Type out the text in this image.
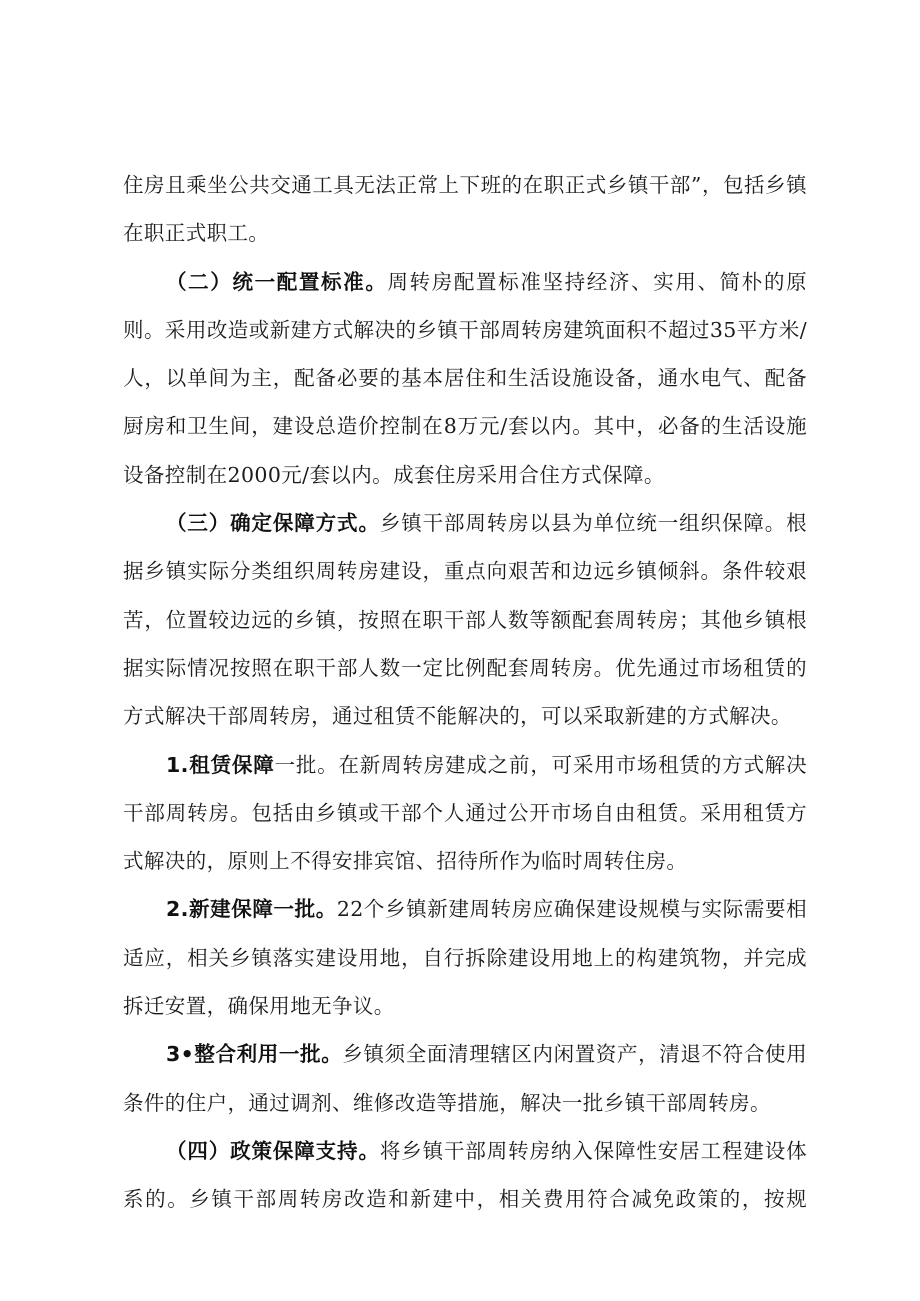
住房且乘坐公共交通工具无法正常上下班的在职正式乡镇干部”，包括乡镇在职正式职工。

（二）统一配置标准。周转房配置标准坚持经济、实用、简朴的原则。采用改造或新建方式解决的乡镇干部周转房建筑面积不超过35平方米/人，以单间为主，配备必要的基本居住和生活设施设备，通水电气、配备厨房和卫生间，建设总造价控制在8万元/套以内。其中，必备的生活设施设备控制在2000元/套以内。成套住房采用合住方式保障。

（三）确定保障方式。乡镇干部周转房以县为单位统一组织保障。根据乡镇实际分类组织周转房建设，重点向艰苦和边远乡镇倾斜。条件较艰苦，位置较边远的乡镇，按照在职干部人数等额配套周转房；其他乡镇根据实际情况按照在职干部人数一定比例配套周转房。优先通过市场租赁的方式解决干部周转房，通过租赁不能解决的，可以采取新建的方式解决。

1.租赁保障一批。在新周转房建成之前，可采用市场租赁的方式解决干部周转房。包括由乡镇或干部个人通过公开市场自由租赁。采用租赁方式解决的，原则上不得安排宾馆、招待所作为临时周转住房。

2.新建保障一批。22个乡镇新建周转房应确保建设规模与实际需要相适应，相关乡镇落实建设用地，自行拆除建设用地上的构建筑物，并完成拆迁安置，确保用地无争议。

3•整合利用一批。乡镇须全面清理辖区内闲置资产，清退不符合使用条件的住户，通过调剂、维修改造等措施，解决一批乡镇干部周转房。

（四）政策保障支持。将乡镇干部周转房纳入保障性安居工程建设体系的。乡镇干部周转房改造和新建中，相关费用符合减免政策的，按规
